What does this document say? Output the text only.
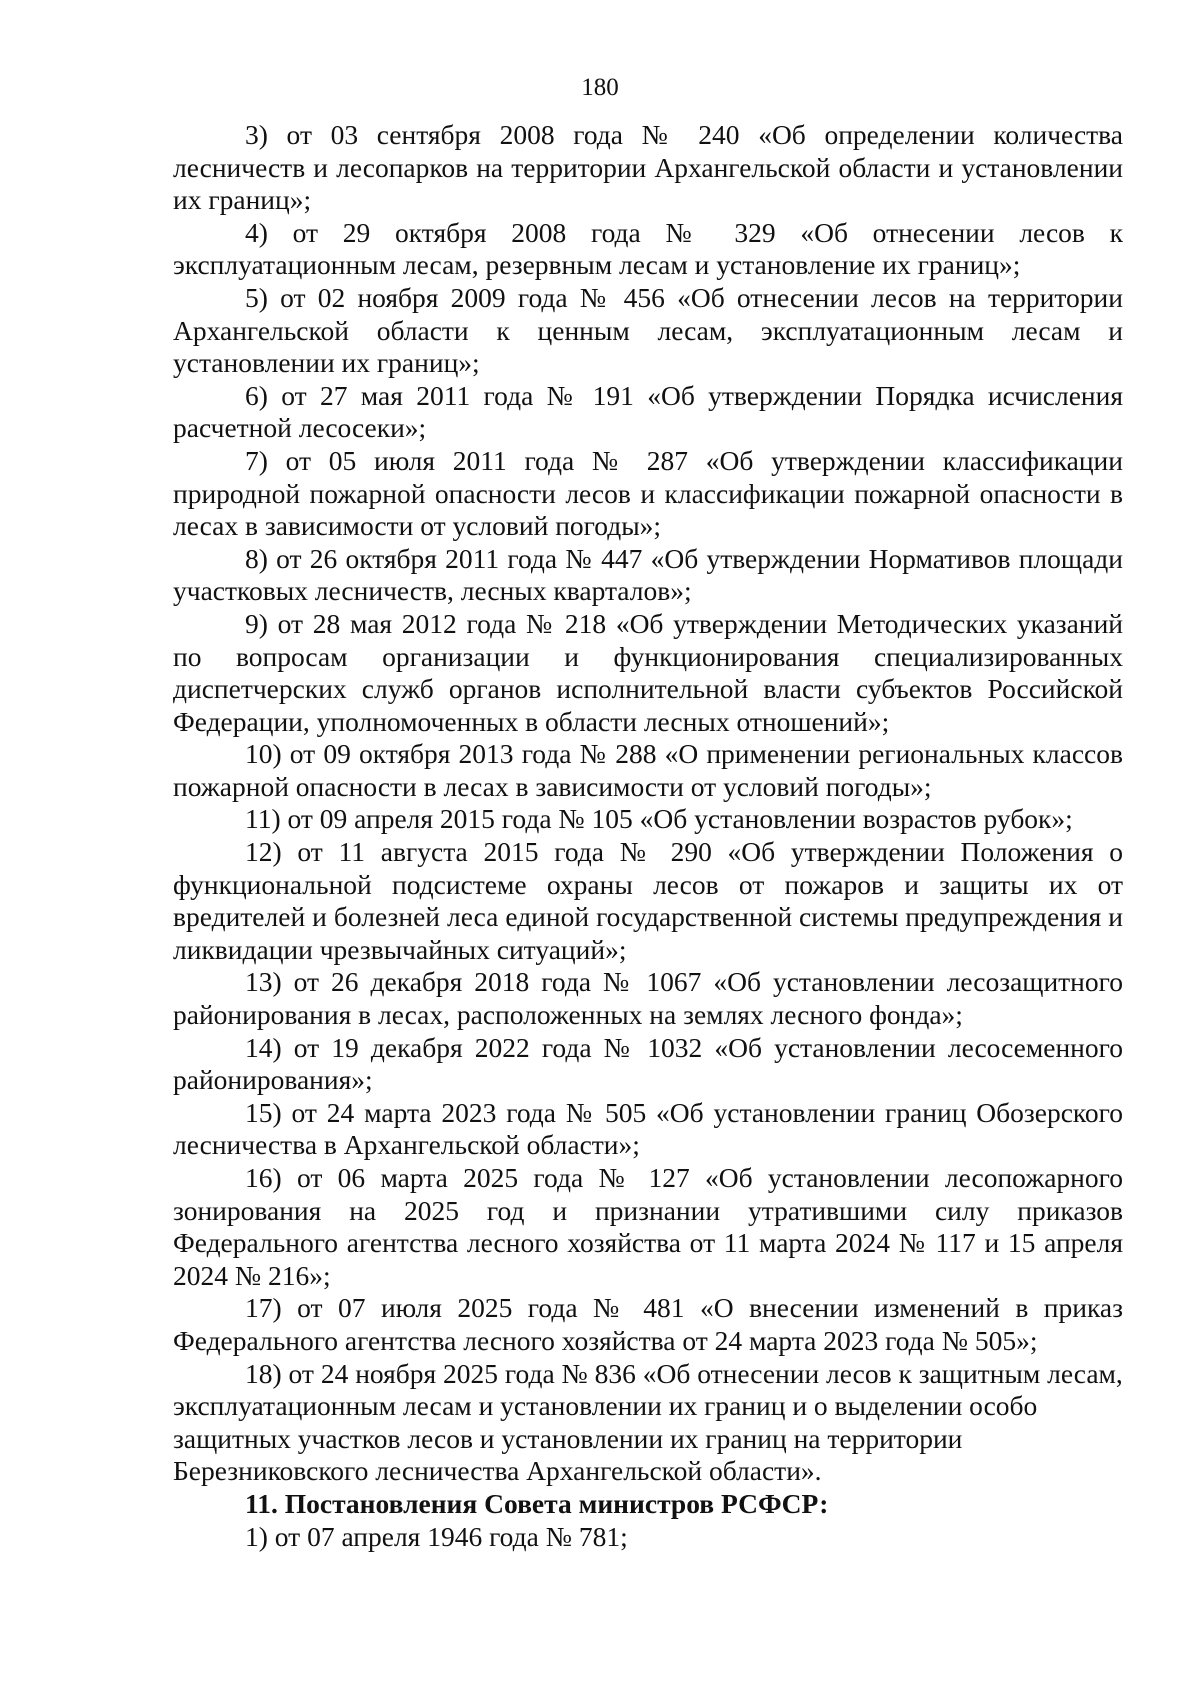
180

3) от 03 сентября 2008 года № 240 «Об определении количества лесничеств и лесопарков на территории Архангельской области и установлении их границ»;

4) от 29 октября 2008 года № 329 «Об отнесении лесов к эксплуатационным лесам, резервным лесам и установление их границ»;

5) от 02 ноября 2009 года № 456 «Об отнесении лесов на территории Архангельской области к ценным лесам, эксплуатационным лесам и установлении их границ»;

6) от 27 мая 2011 года № 191 «Об утверждении Порядка исчисления расчетной лесосеки»;

7) от 05 июля 2011 года № 287 «Об утверждении классификации природной пожарной опасности лесов и классификации пожарной опасности в лесах в зависимости от условий погоды»;

8) от 26 октября 2011 года № 447 «Об утверждении Нормативов площади участковых лесничеств, лесных кварталов»;

9) от 28 мая 2012 года № 218 «Об утверждении Методических указаний по вопросам организации и функционирования специализированных диспетчерских служб органов исполнительной власти субъектов Российской Федерации, уполномоченных в области лесных отношений»;

10) от 09 октября 2013 года № 288 «О применении региональных классов пожарной опасности в лесах в зависимости от условий погоды»;

11) от 09 апреля 2015 года № 105 «Об установлении возрастов рубок»;

12) от 11 августа 2015 года № 290 «Об утверждении Положения о функциональной подсистеме охраны лесов от пожаров и защиты их от вредителей и болезней леса единой государственной системы предупреждения и ликвидации чрезвычайных ситуаций»;

13) от 26 декабря 2018 года № 1067 «Об установлении лесозащитного районирования в лесах, расположенных на землях лесного фонда»;

14) от 19 декабря 2022 года № 1032 «Об установлении лесосеменного районирования»;

15) от 24 марта 2023 года № 505 «Об установлении границ Обозерского лесничества в Архангельской области»;

16) от 06 марта 2025 года № 127 «Об установлении лесопожарного зонирования на 2025 год и признании утратившими силу приказов Федерального агентства лесного хозяйства от 11 марта 2024 № 117 и 15 апреля 2024 № 216»;

17) от 07 июля 2025 года № 481 «О внесении изменений в приказ Федерального агентства лесного хозяйства от 24 марта 2023 года № 505»;

18) от 24 ноября 2025 года № 836 «Об отнесении лесов к защитным лесам, эксплуатационным лесам и установлении их границ и о выделении особо защитных участков лесов и установлении их границ на территории Березниковского лесничества Архангельской области».

11. Постановления Совета министров РСФСР:

1) от 07 апреля 1946 года № 781;
